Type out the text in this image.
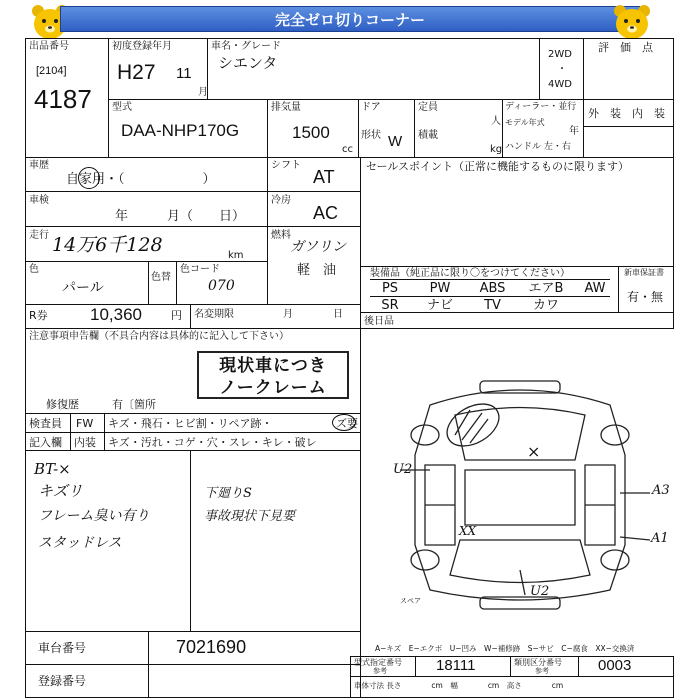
完全ゼロ切りコーナー
出品番号
[2104]
4187
初度登録年月
H27 11
月
車名・グレード
シエンタ
2WD
・
4WD
評　価　点
型式
DAA-NHP170G
排気量
1500
cc
ドア
形状 W
定員
人
積載
kg
ディーラー・並行
モデル年式
年
ハンドル 左・右
外　装　内　装
車歴
自家用・（　　　　　　）
車検
年　　　月（　　日）
走行 14万6千128	km
色
パール
色替
色コード
070
R券 10,360	円 名変期限	月　　　　日
シフト
AT
冷房
AC
燃料
ガソリン
軽　油
セールスポイント（正常に機能するものに限ります）
装備品（純正品に限り〇をつけてください）	新車保証書
有・無
PS	PW	ABS	エアB	AW
SR	ナビ	TV	カワ
後日品
注意事項申告欄（不具合内容は具体的に記入して下さい）
現状車につき
ノークレーム
修復歴　　　有〔箇所
検査員
記入欄
FW キズ・飛石・ヒビ割・リペア跡・	ズ要
内装 キズ・汚れ・コゲ・穴・スレ・キレ・破レ
BT-×
キズリ
フレーム臭い有り
スタッドレス
下廻りS
事故現状下見要
U2
×
A3
XX	A1
U2
スペア
A−キズ　E−エクボ　U−凹み　W−補修跡　S−サビ　C−腐食　XX−交換済
車台番号	7021690
登録番号
型式指定番号
参考	18111	類別区分番号
参考	0003
車体寸法 長さ　　　　cm　幅　　　　cm　高さ　　　　cm
